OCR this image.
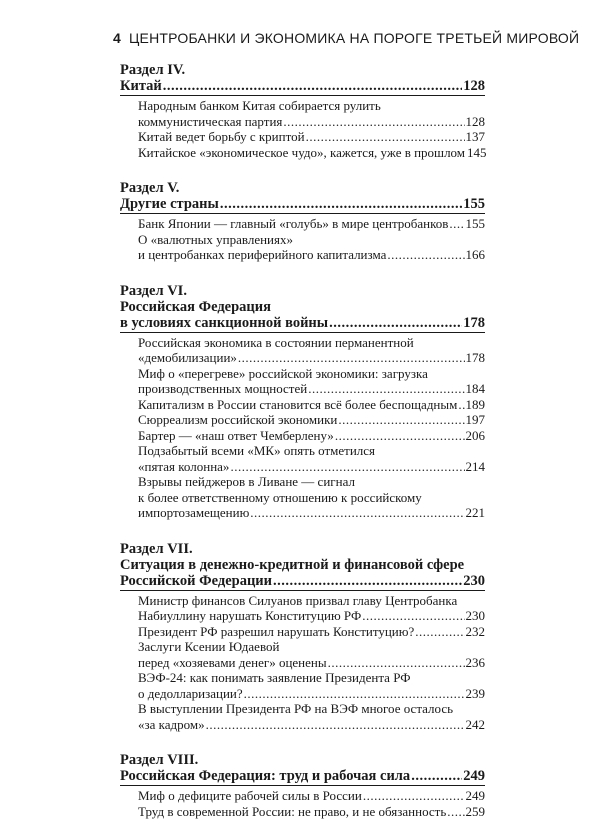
4 ЦЕНТРОБАНКИ И ЭКОНОМИКА НА ПОРОГЕ ТРЕТЬЕЙ МИРОВОЙ
Раздел IV.
Китай .....	128
Народным банком Китая собирается рулить
коммунистическая партия .....	128
Китай ведет борьбу с криптой .....	137
Китайское «экономическое чудо», кажется, уже в прошлом 145
Раздел V.
Другие страны .....	155
Банк Японии — главный «голубь» в мире центробанков ..... 155
О «валютных управлениях»
и центробанках периферийного капитализма .....	166
Раздел VI.
Российская Федерация
в условиях санкционной войны .....	178
Российская экономика в состоянии перманентной
«демобилизации» .....	178
Миф о «перегреве» российской экономики: загрузка
производственных мощностей .....	184
Капитализм в России становится всё более беспощадным ..... 189
Сюрреализм российской экономики .....	197
Бартер — «наш ответ Чемберлену» .....	206
Подзабытый всеми «МК» опять отметился
«пятая колонна» .....	214
Взрывы пейджеров в Ливане — сигнал
к более ответственному отношению к российскому
импортозамещению .....	221
Раздел VII.
Ситуация в денежно-кредитной и финансовой сфере
Российской Федерации .....	230
Министр финансов Силуанов призвал главу Центробанка
Набиуллину нарушать Конституцию РФ .....	230
Президент РФ разрешил нарушать Конституцию? .....	232
Заслуги Ксении Юдаевой
перед «хозяевами денег» оценены .....	236
ВЭФ-24: как понимать заявление Президента РФ
о дедолларизации? .....	239
В выступлении Президента РФ на ВЭФ многое осталось
«за кадром» .....	242
Раздел VIII.
Российская Федерация: труд и рабочая сила .....	249
Миф о дефиците рабочей силы в России .....	249
Труд в современной России: не право, и не обязанность ..... 259
